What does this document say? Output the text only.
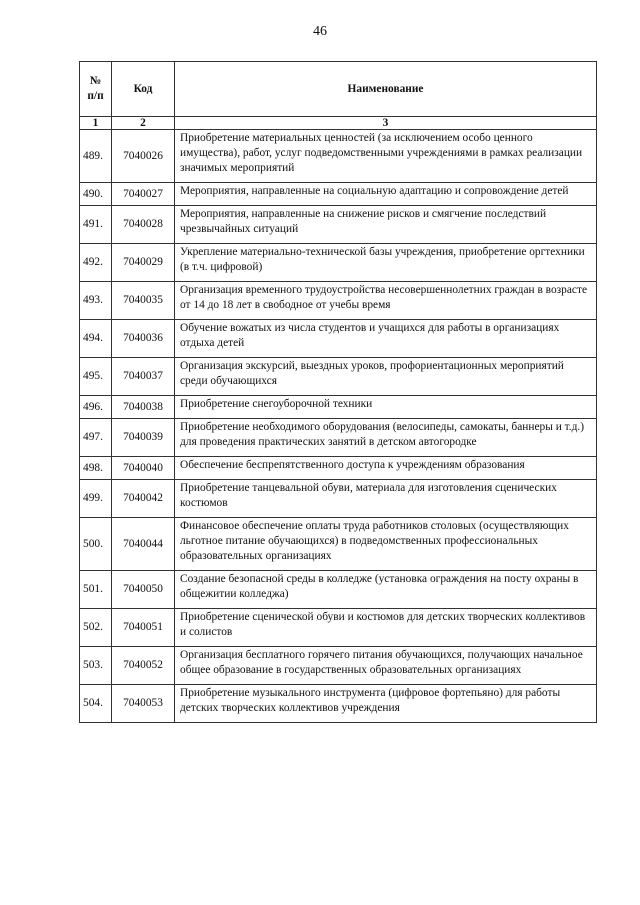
46
№
п/п	Код	Наименование
1	2	3
489.	7040026	Приобретение материальных ценностей (за исключением особо ценного имущества), работ, услуг подведомственными учреждениями в рамках реализации значимых мероприятий
490.	7040027	Мероприятия, направленные на социальную адаптацию и сопровождение детей
491.	7040028	Мероприятия, направленные на снижение рисков и смягчение последствий чрезвычайных ситуаций
492.	7040029	Укрепление материально-технической базы учреждения, приобретение оргтехники (в т.ч. цифровой)
493.	7040035	Организация временного трудоустройства несовершеннолетних граждан в возрасте от 14 до 18 лет в свободное от учебы время
494.	7040036	Обучение вожатых из числа студентов и учащихся для работы в организациях отдыха детей
495.	7040037	Организация экскурсий, выездных уроков, профориентационных мероприятий среди обучающихся
496.	7040038	Приобретение снегоуборочной техники
497.	7040039	Приобретение необходимого оборудования (велосипеды, самокаты, баннеры и т.д.) для проведения практических занятий в детском автогородке
498.	7040040	Обеспечение беспрепятственного доступа к учреждениям образования
499.	7040042	Приобретение танцевальной обуви, материала для изготовления сценических костюмов
500.	7040044	Финансовое обеспечение оплаты труда работников столовых (осуществляющих льготное питание обучающихся) в подведомственных профессиональных образовательных организациях
501.	7040050	Создание безопасной среды в колледже (установка ограждения на посту охраны в общежитии колледжа)
502.	7040051	Приобретение сценической обуви и костюмов для детских творческих коллективов и солистов
503.	7040052	Организация бесплатного горячего питания обучающихся, получающих начальное общее образование в государственных образовательных организациях
504.	7040053	Приобретение музыкального инструмента (цифровое фортепьяно) для работы детских творческих коллективов учреждения
